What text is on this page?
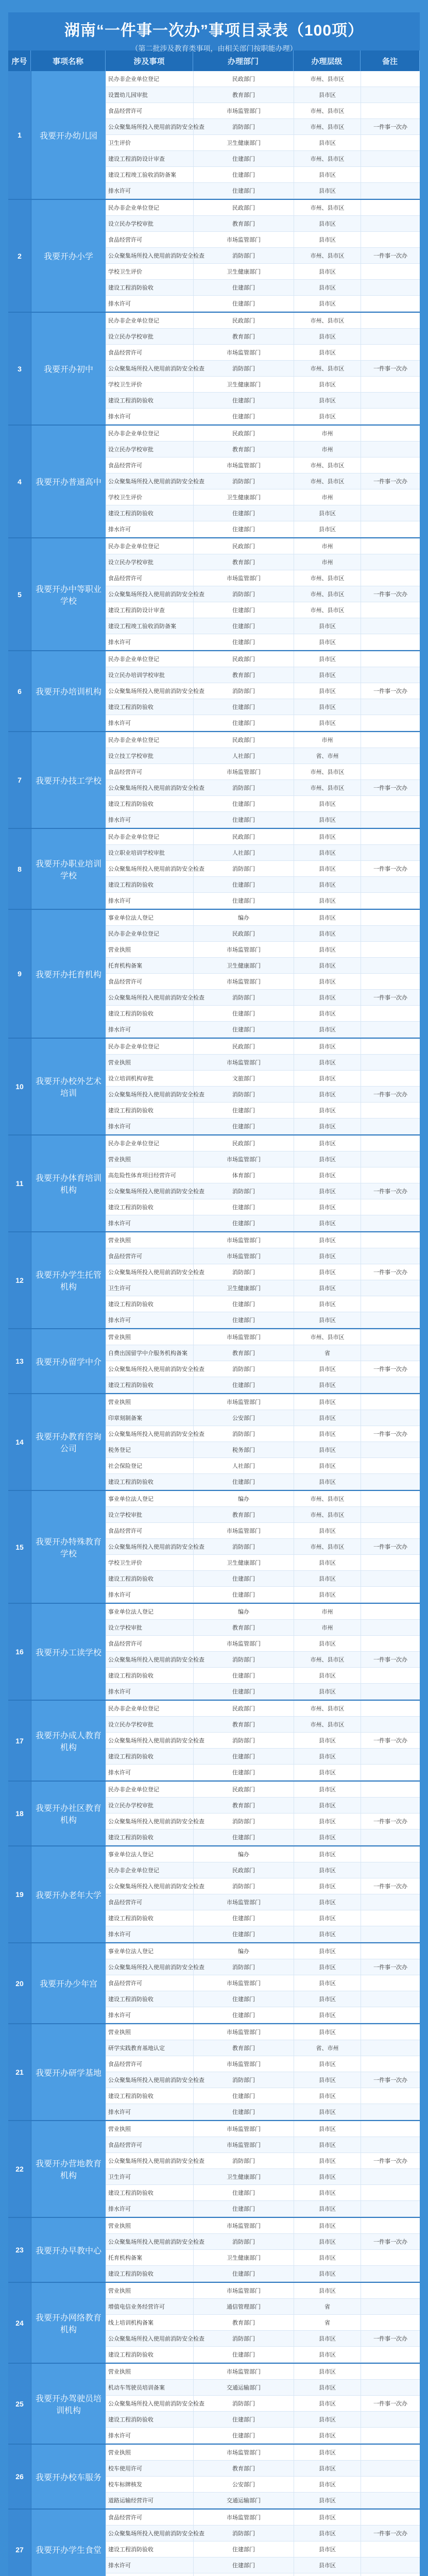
湖南“一件事一次办”事项目录表（100项）
（第二批涉及教育类事项，由相关部门按职能办理）
序号	事项名称	涉及事项	办理部门	办理层级	备注
1	我要开办幼儿园
民办非企业单位登记	民政部门	市州、县市区
设置幼儿园审批	教育部门	县市区
食品经营许可	市场监管部门	市州、县市区
公众聚集场所投入使用前消防安全检查	消防部门	市州、县市区	一件事一次办
卫生评价	卫生健康部门	县市区
建设工程消防设计审查	住建部门	市州、县市区
建设工程竣工验收消防备案	住建部门	县市区
排水许可	住建部门	县市区
2	我要开办小学
民办非企业单位登记	民政部门	市州、县市区
设立民办学校审批	教育部门	县市区
食品经营许可	市场监管部门	县市区
公众聚集场所投入使用前消防安全检查	消防部门	市州、县市区	一件事一次办
学校卫生评价	卫生健康部门	县市区
建设工程消防验收	住建部门	县市区
排水许可	住建部门	县市区
3	我要开办初中
民办非企业单位登记	民政部门	市州、县市区
设立民办学校审批	教育部门	县市区
食品经营许可	市场监管部门	县市区
公众聚集场所投入使用前消防安全检查	消防部门	市州、县市区	一件事一次办
学校卫生评价	卫生健康部门	县市区
建设工程消防验收	住建部门	县市区
排水许可	住建部门	县市区
4	我要开办普通高中
民办非企业单位登记	民政部门	市州
设立民办学校审批	教育部门	市州
食品经营许可	市场监管部门	市州、县市区
公众聚集场所投入使用前消防安全检查	消防部门	市州、县市区	一件事一次办
学校卫生评价	卫生健康部门	市州
建设工程消防验收	住建部门	县市区
排水许可	住建部门	县市区
5
我要开办中等职业学校
民办非企业单位登记	民政部门	市州
设立民办学校审批	教育部门	市州
食品经营许可	市场监管部门	市州、县市区
公众聚集场所投入使用前消防安全检查	消防部门	市州、县市区	一件事一次办
建设工程消防设计审查	住建部门	市州、县市区
建设工程竣工验收消防备案	住建部门	县市区
排水许可	住建部门	县市区
6	我要开办培训机构
民办非企业单位登记	民政部门	县市区
设立民办培训学校审批	教育部门	县市区
公众聚集场所投入使用前消防安全检查	消防部门	县市区	一件事一次办
建设工程消防验收	住建部门	县市区
排水许可	住建部门	县市区
7	我要开办技工学校
民办非企业单位登记	民政部门	市州
设立技工学校审批	人社部门	省、市州
食品经营许可	市场监管部门	市州、县市区
公众聚集场所投入使用前消防安全检查	消防部门	市州、县市区	一件事一次办
建设工程消防验收	住建部门	县市区
排水许可	住建部门	县市区
8
我要开办职业培训学校
民办非企业单位登记	民政部门	县市区
设立职业培训学校审批	人社部门	县市区
公众聚集场所投入使用前消防安全检查	消防部门	县市区	一件事一次办
建设工程消防验收	住建部门	县市区
排水许可	住建部门	县市区
9	我要开办托育机构
事业单位法人登记	编办	县市区
民办非企业单位登记	民政部门	县市区
营业执照	市场监管部门	县市区
托育机构备案	卫生健康部门	县市区
食品经营许可	市场监管部门	县市区
公众聚集场所投入使用前消防安全检查	消防部门	县市区	一件事一次办
建设工程消防验收	住建部门	县市区
排水许可	住建部门	县市区
10
我要开办校外艺术培训
民办非企业单位登记	民政部门	县市区
营业执照	市场监管部门	县市区
设立培训机构审批	文旅部门	县市区
公众聚集场所投入使用前消防安全检查	消防部门	县市区	一件事一次办
建设工程消防验收	住建部门	县市区
排水许可	住建部门	县市区
11
我要开办体育培训机构
民办非企业单位登记	民政部门	县市区
营业执照	市场监管部门	县市区
高危险性体育项目经营许可	体育部门	县市区
公众聚集场所投入使用前消防安全检查	消防部门	县市区	一件事一次办
建设工程消防验收	住建部门	县市区
排水许可	住建部门	县市区
12
我要开办学生托管机构
营业执照	市场监管部门	县市区
食品经营许可	市场监管部门	县市区
公众聚集场所投入使用前消防安全检查	消防部门	县市区	一件事一次办
卫生许可	卫生健康部门	县市区
建设工程消防验收	住建部门	县市区
排水许可	住建部门	县市区
13	我要开办留学中介
营业执照	市场监管部门	市州、县市区
自费出国留学中介服务机构备案	教育部门	省
公众聚集场所投入使用前消防安全检查	消防部门	县市区	一件事一次办
建设工程消防验收	住建部门	县市区
14
我要开办教育咨询公司
营业执照	市场监管部门	县市区
印章刻制备案	公安部门	县市区
公众聚集场所投入使用前消防安全检查	消防部门	县市区	一件事一次办
税务登记	税务部门	县市区
社会保险登记	人社部门	县市区
建设工程消防验收	住建部门	县市区
15
我要开办特殊教育学校
事业单位法人登记	编办	市州、县市区
设立学校审批	教育部门	市州、县市区
食品经营许可	市场监管部门	县市区
公众聚集场所投入使用前消防安全检查	消防部门	市州、县市区	一件事一次办
学校卫生评价	卫生健康部门	县市区
建设工程消防验收	住建部门	县市区
排水许可	住建部门	县市区
16	我要开办工读学校
事业单位法人登记	编办	市州
设立学校审批	教育部门	市州
食品经营许可	市场监管部门	县市区
公众聚集场所投入使用前消防安全检查	消防部门	市州、县市区	一件事一次办
建设工程消防验收	住建部门	县市区
排水许可	住建部门	县市区
17
我要开办成人教育机构
民办非企业单位登记	民政部门	市州、县市区
设立民办学校审批	教育部门	市州、县市区
公众聚集场所投入使用前消防安全检查	消防部门	县市区	一件事一次办
建设工程消防验收	住建部门	县市区
排水许可	住建部门	县市区
18
我要开办社区教育机构
民办非企业单位登记	民政部门	县市区
设立民办学校审批	教育部门	县市区
公众聚集场所投入使用前消防安全检查	消防部门	县市区	一件事一次办
建设工程消防验收	住建部门	县市区
19	我要开办老年大学
事业单位法人登记	编办	县市区
民办非企业单位登记	民政部门	县市区
公众聚集场所投入使用前消防安全检查	消防部门	县市区	一件事一次办
食品经营许可	市场监管部门	县市区
建设工程消防验收	住建部门	县市区
排水许可	住建部门	县市区
20	我要开办少年宫
事业单位法人登记	编办	县市区
公众聚集场所投入使用前消防安全检查	消防部门	县市区	一件事一次办
食品经营许可	市场监管部门	县市区
建设工程消防验收	住建部门	县市区
排水许可	住建部门	县市区
21	我要开办研学基地
营业执照	市场监管部门	县市区
研学实践教育基地认定	教育部门	省、市州
食品经营许可	市场监管部门	县市区
公众聚集场所投入使用前消防安全检查	消防部门	县市区	一件事一次办
建设工程消防验收	住建部门	县市区
排水许可	住建部门	县市区
22
我要开办营地教育机构
营业执照	市场监管部门	县市区
食品经营许可	市场监管部门	县市区
公众聚集场所投入使用前消防安全检查	消防部门	县市区	一件事一次办
卫生许可	卫生健康部门	县市区
建设工程消防验收	住建部门	县市区
排水许可	住建部门	县市区
23	我要开办早教中心
营业执照	市场监管部门	县市区
公众聚集场所投入使用前消防安全检查	消防部门	县市区	一件事一次办
托育机构备案	卫生健康部门	县市区
建设工程消防验收	住建部门	县市区
24
我要开办网络教育机构
营业执照	市场监管部门	县市区
增值电信业务经营许可	通信管理部门	省
线上培训机构备案	教育部门	省
公众聚集场所投入使用前消防安全检查	消防部门	县市区	一件事一次办
建设工程消防验收	住建部门	县市区
25
我要开办驾驶员培训机构
营业执照	市场监管部门	县市区
机动车驾驶员培训备案	交通运输部门	县市区
公众聚集场所投入使用前消防安全检查	消防部门	县市区	一件事一次办
建设工程消防验收	住建部门	县市区
排水许可	住建部门	县市区
26	我要开办校车服务
营业执照	市场监管部门	县市区
校车使用许可	教育部门	县市区
校车标牌核发	公安部门	县市区
道路运输经营许可	交通运输部门	县市区
27	我要开办学生食堂
食品经营许可	市场监管部门	县市区
公众聚集场所投入使用前消防安全检查	消防部门	县市区	一件事一次办
建设工程消防验收	住建部门	县市区
排水许可	住建部门	县市区
